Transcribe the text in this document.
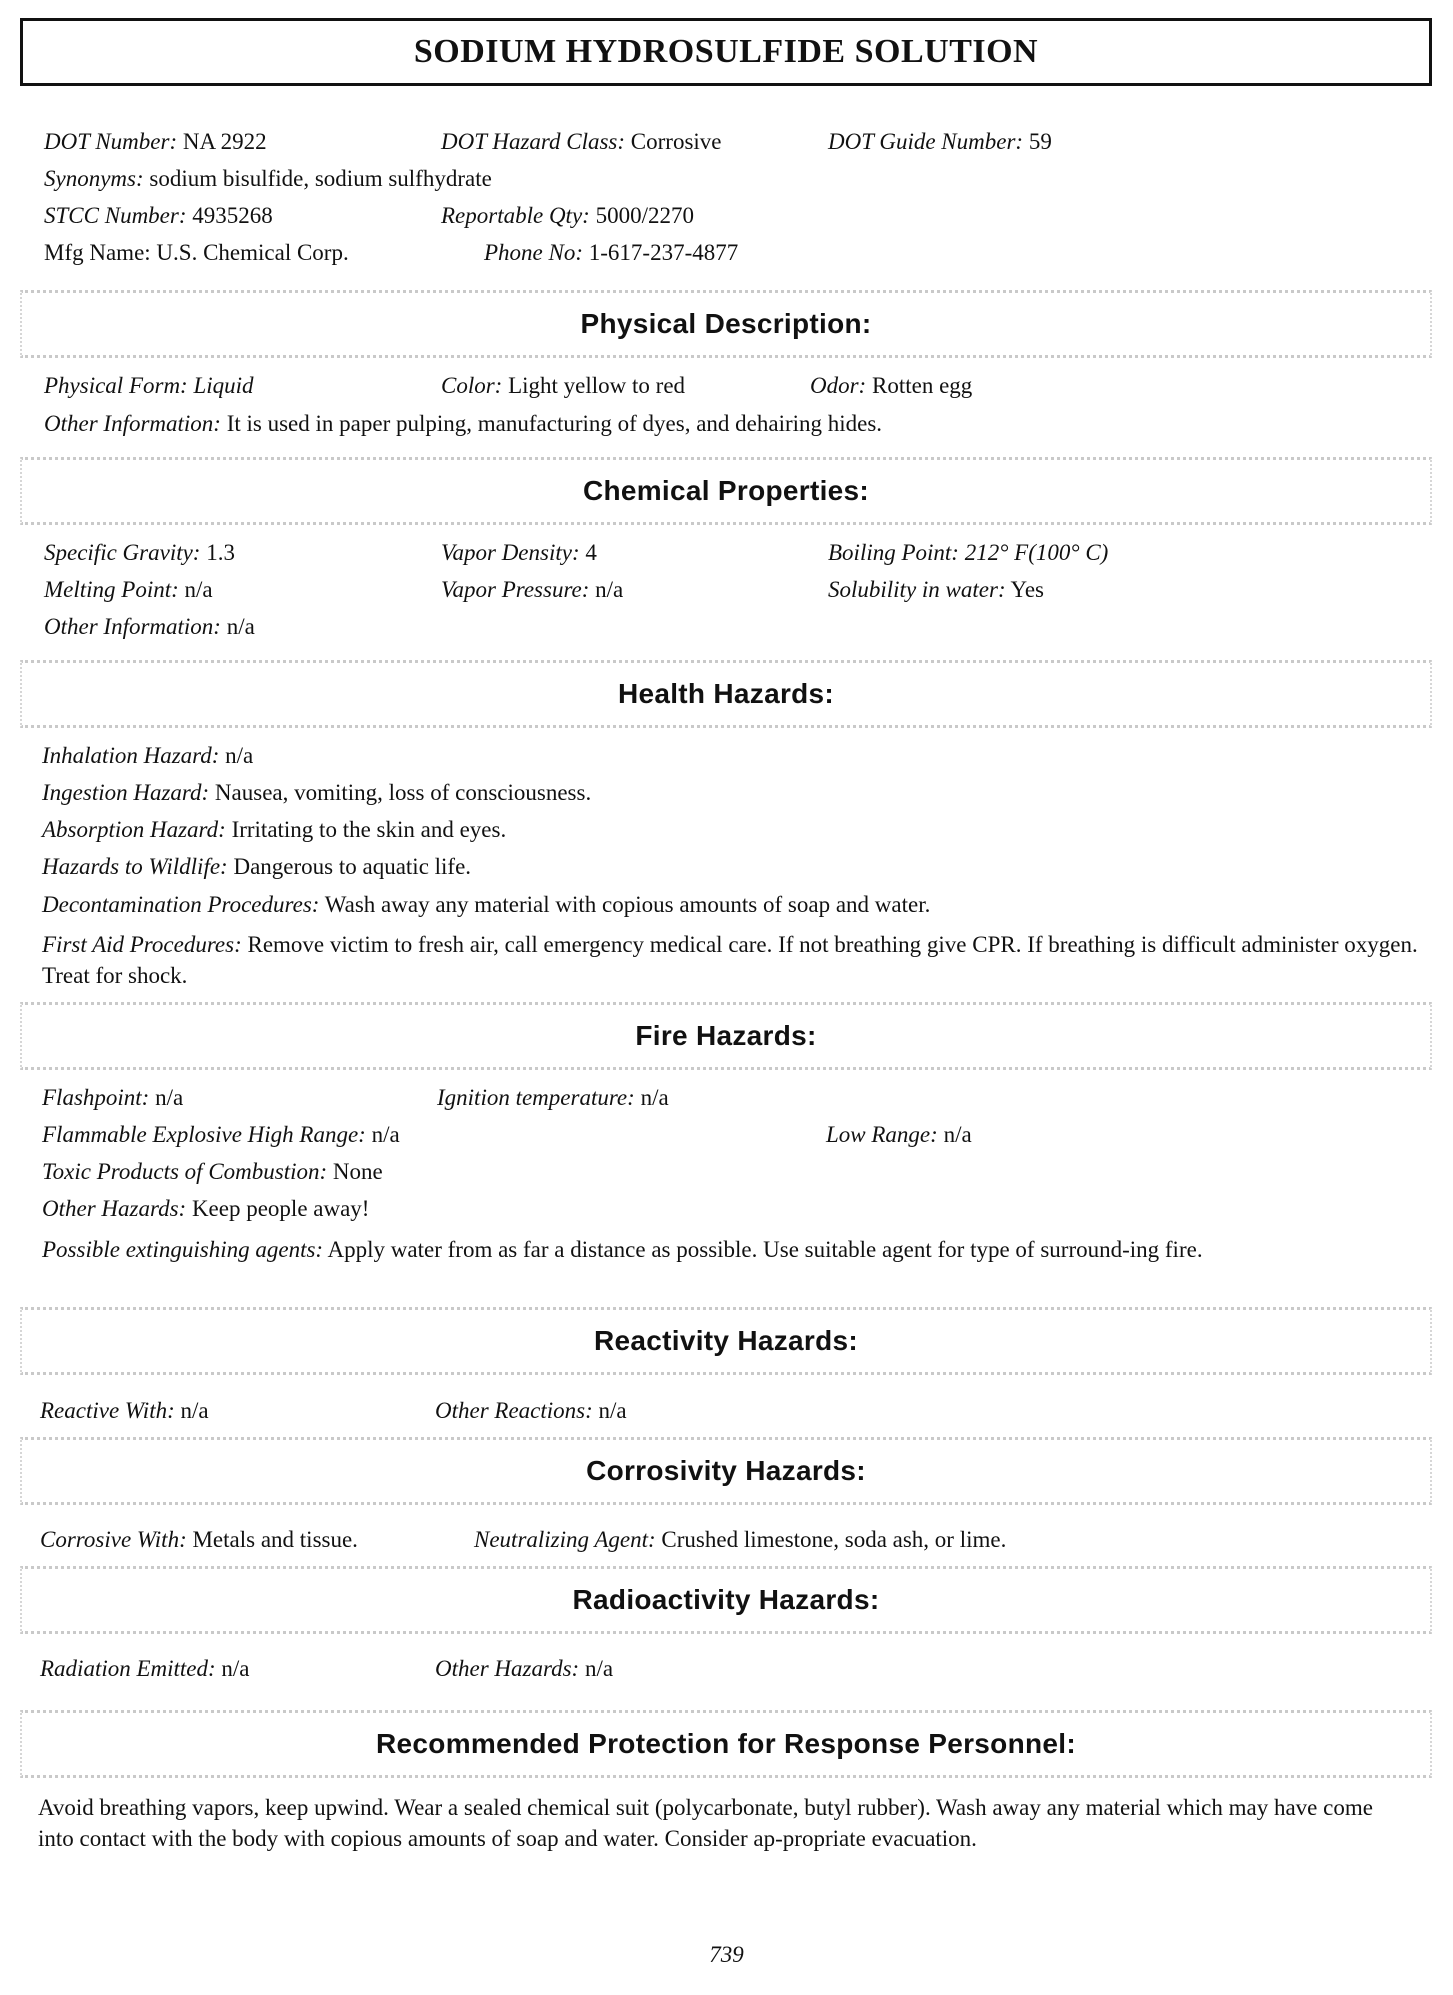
SODIUM HYDROSULFIDE SOLUTION
DOT Number: NA 2922	DOT Hazard Class: Corrosive	DOT Guide Number: 59
Synonyms: sodium bisulfide, sodium sulfhydrate
STCC Number: 4935268	Reportable Qty: 5000/2270
Mfg Name: U.S. Chemical Corp.	Phone No: 1-617-237-4877
Physical Description:
Physical Form: Liquid	Color: Light yellow to red	Odor: Rotten egg
Other Information: It is used in paper pulping, manufacturing of dyes, and dehairing hides.
Chemical Properties:
Specific Gravity: 1.3	Vapor Density: 4	Boiling Point: 212° F(100° C)
Melting Point: n/a	Vapor Pressure: n/a	Solubility in water: Yes
Other Information: n/a
Health Hazards:
Inhalation Hazard: n/a
Ingestion Hazard: Nausea, vomiting, loss of consciousness.
Absorption Hazard: Irritating to the skin and eyes.
Hazards to Wildlife: Dangerous to aquatic life.
Decontamination Procedures: Wash away any material with copious amounts of soap and water.
First Aid Procedures: Remove victim to fresh air, call emergency medical care. If not breathing give CPR. If breathing is difficult administer oxygen. Treat for shock.
Fire Hazards:
Flashpoint: n/a	Ignition temperature: n/a
Flammable Explosive High Range: n/a	Low Range: n/a
Toxic Products of Combustion: None
Other Hazards: Keep people away!
Possible extinguishing agents: Apply water from as far a distance as possible. Use suitable agent for type of surround-ing fire.
Reactivity Hazards:
Reactive With: n/a	Other Reactions: n/a
Corrosivity Hazards:
Corrosive With: Metals and tissue.	Neutralizing Agent: Crushed limestone, soda ash, or lime.
Radioactivity Hazards:
Radiation Emitted: n/a	Other Hazards: n/a
Recommended Protection for Response Personnel:
Avoid breathing vapors, keep upwind. Wear a sealed chemical suit (polycarbonate, butyl rubber). Wash away any material which may have come into contact with the body with copious amounts of soap and water. Consider ap-propriate evacuation.
739
